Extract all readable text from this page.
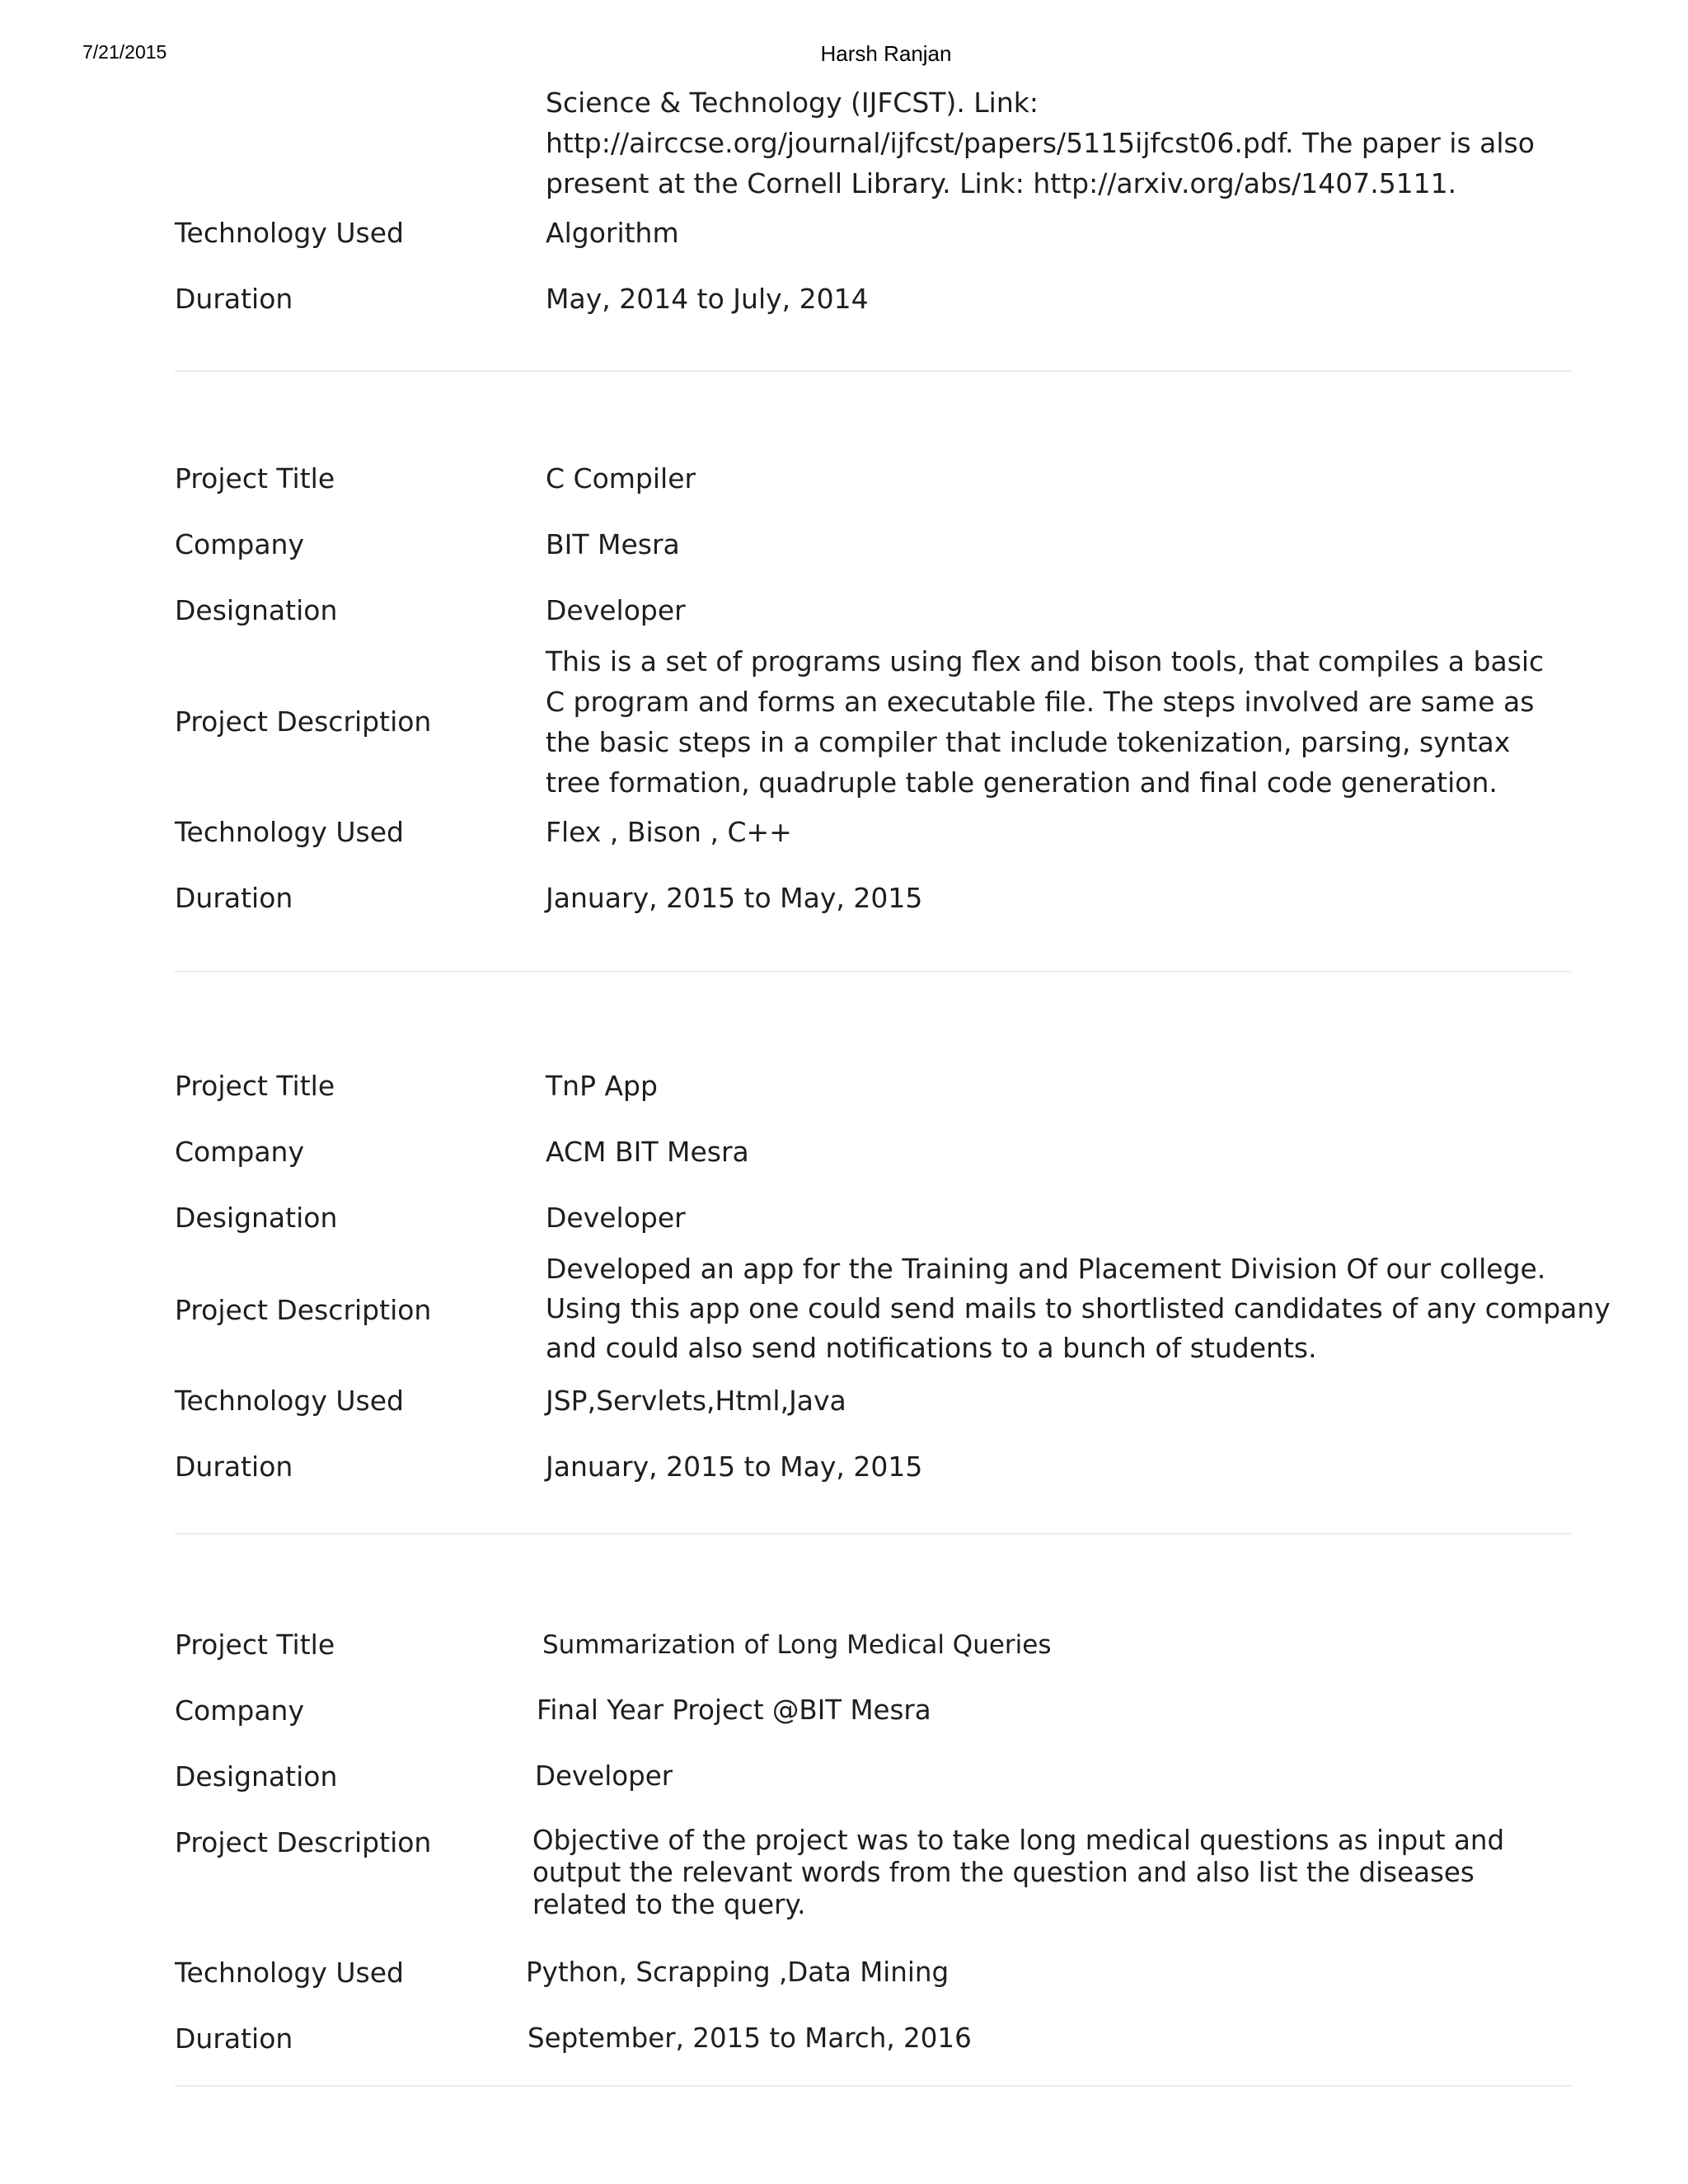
7/21/2015	Harsh Ranjan
Science & Technology (IJFCST). Link:
http://airccse.org/journal/ijfcst/papers/5115ijfcst06.pdf. The paper is also
present at the Cornell Library. Link: http://arxiv.org/abs/1407.5111.
Technology Used	Algorithm
Duration	May, 2014 to July, 2014
Project Title	C Compiler
Company	BIT Mesra
Designation	Developer
Project Description
This is a set of programs using flex and bison tools, that compiles a basic
C program and forms an executable file. The steps involved are same as
the basic steps in a compiler that include tokenization, parsing, syntax
tree formation, quadruple table generation and final code generation.
Technology Used	Flex , Bison , C++
Duration	January, 2015 to May, 2015
Project Title	TnP App
Company	ACM BIT Mesra
Designation	Developer
Project Description
Developed an app for the Training and Placement Division Of our college.
Using this app one could send mails to shortlisted candidates of any company
and could also send notifications to a bunch of students.
Technology Used	JSP,Servlets,Html,Java
Duration	January, 2015 to May, 2015
Project Title	Summarization of Long Medical Queries
Company	Final Year Project @BIT Mesra
Designation	Developer
Project Description	Objective of the project was to take long medical questions as input and
output the relevant words from the question and also list the diseases
related to the query.
Technology Used	Python, Scrapping ,Data Mining
Duration	September, 2015 to March, 2016
